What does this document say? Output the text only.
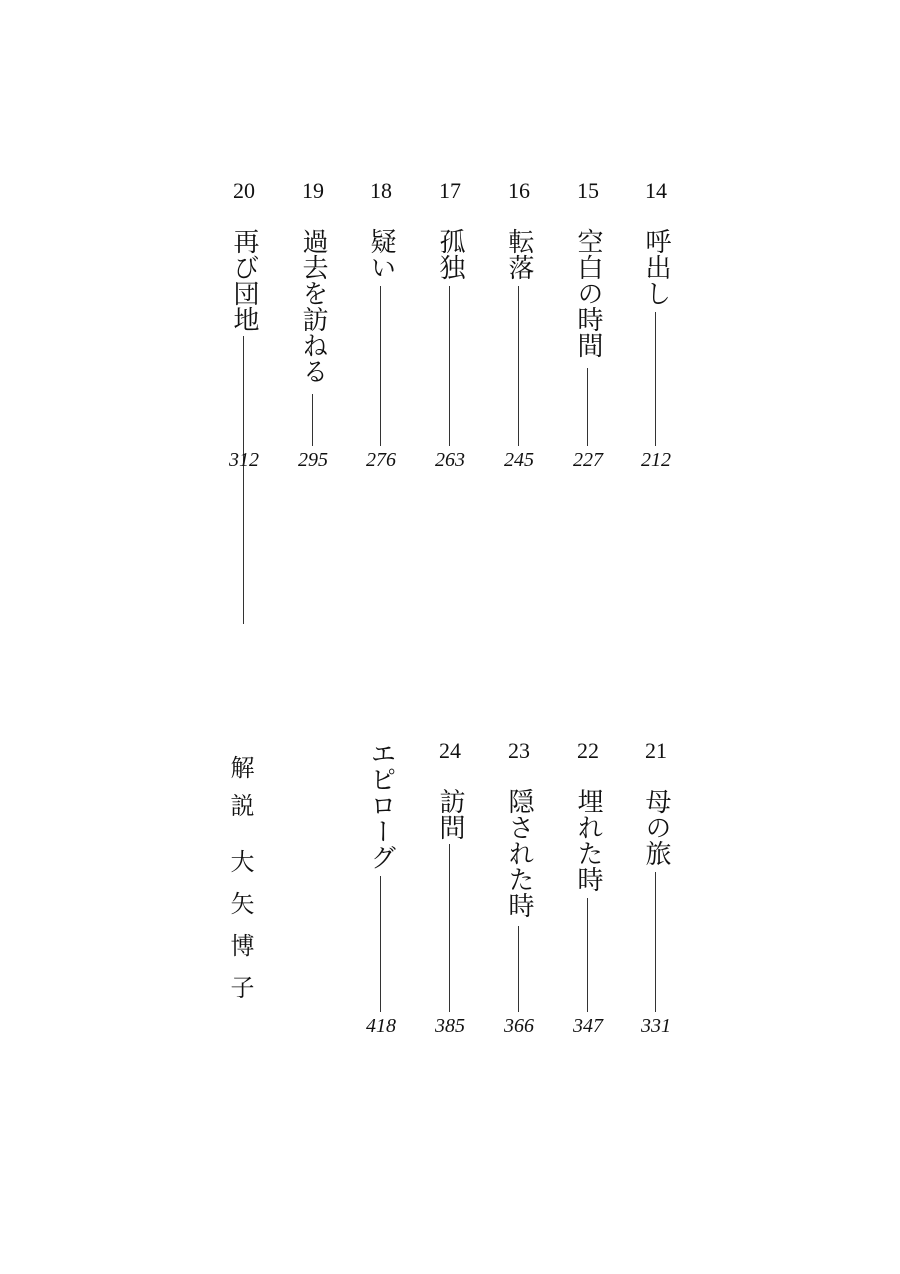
20
再び団地
312
19
過去を訪ねる
295
18
疑い
276
17
孤独
263
16
転落
245
15
空白の時間
227
14
呼出し
212
エピローグ
418
24
訪問
385
23
隠された時
366
22
埋れた時
347
21
母の旅
331
解説大矢博子
